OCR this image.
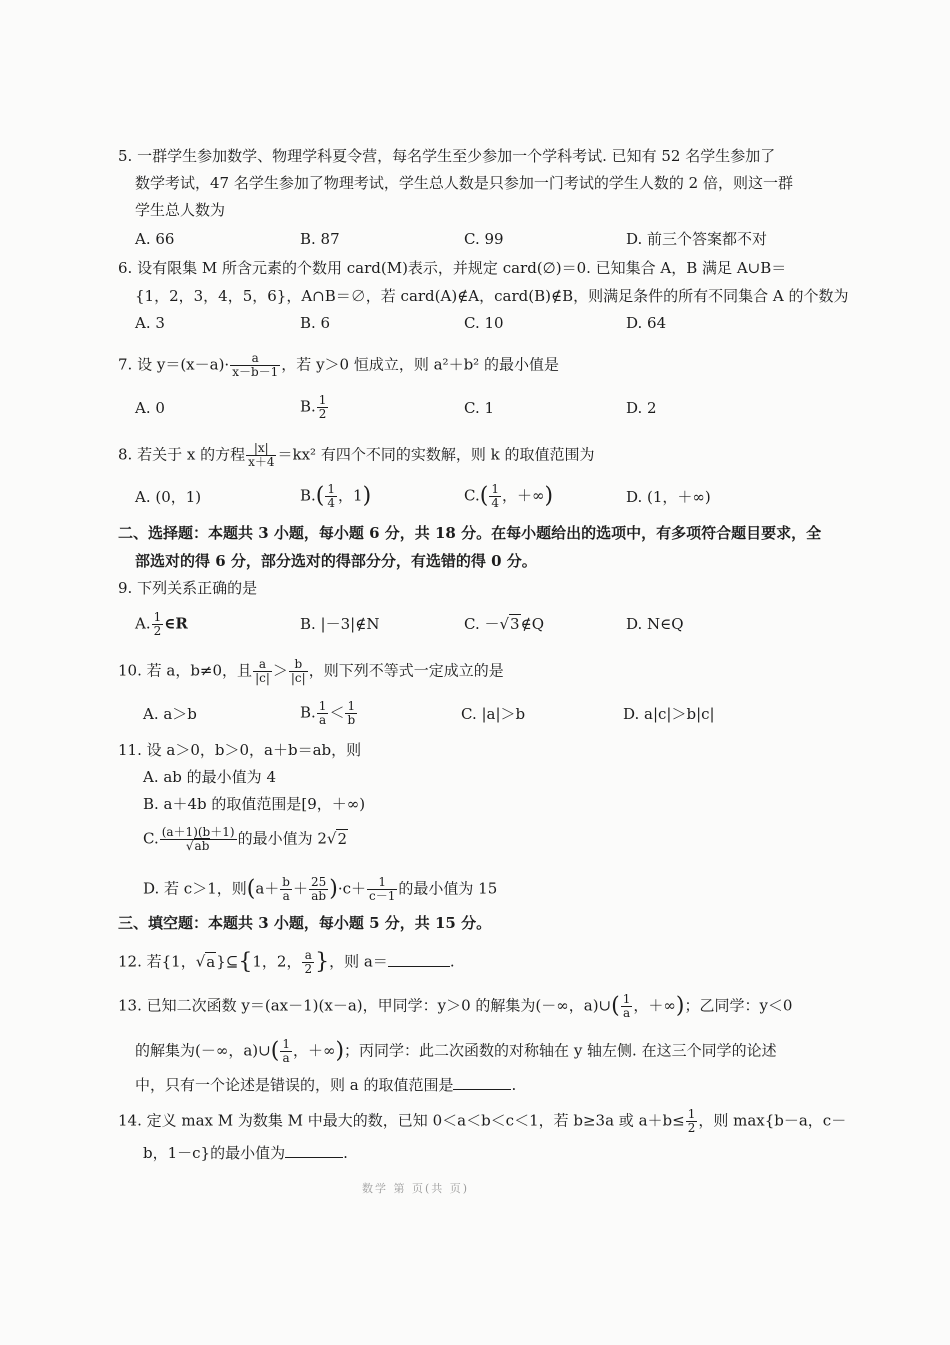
5. 一群学生参加数学、物理学科夏令营，每名学生至少参加一个学科考试. 已知有 52 名学生参加了
数学考试，47 名学生参加了物理考试，学生总人数是只参加一门考试的学生人数的 2 倍，则这一群
学生总人数为
A. 66	B. 87	C. 99	D. 前三个答案都不对
6. 设有限集 M 所含元素的个数用 card(M)表示，并规定 card(∅)＝0. 已知集合 A，B 满足 A∪B＝
{1，2，3，4，5，6}，A∩B＝∅，若 card(A)∉A，card(B)∉B，则满足条件的所有不同集合 A 的个数为
A. 3	B. 6	C. 10	D. 64
7. 设 $y=(x-a)\cdot \frac{a}{x-b-1}$ ，若 y＞0 恒成立，则 a²＋b² 的最小值是
A. 0	B. $\frac{1}{2}$	C. 1	D. 2
8. 若关于 x 的方程 $\frac{|x|}{x+4} =kx^2$ 有四个不同的实数解，则 k 的取值范围为
A. (0，1)	$B.( \frac{1}{4}$ ，1)	$C.( \frac{1}{4}$ ，＋∞)	D. (1，＋∞)
二、选择题：本题共 3 小题，每小题 6 分，共 18 分。在每小题给出的选项中，有多项符合题目要求，全
部选对的得 6 分，部分选对的得部分分，有选错的得 0 分。
9. 下列关系正确的是
A. $\frac{1}{2}$ ∈R	B. |－3|∉N	C. －√3∉Q	D. N∈Q
10. 若 a，b≠0，且 $\frac{a}{|c|} > \frac{b}{|c|}$ ，则下列不等式一定成立的是
A. a＞b	B. $\frac{1}{a} < \frac{1}{b}$	C. |a|＞b	D. a|c|＞b|c|
11. 设 a＞0，b＞0，a＋b＝ab，则
A. ab 的最小值为 4
B. a＋4b 的取值范围是[9，＋∞)
C. $\frac{(a+1)(b+1)}{√ab}$ 的最小值为 2√2
D. 若 c＞1，则$(a+ \frac{b}{a} + \frac{25}{ab} )\cdot c+ \frac{1}{c-1}$ 的最小值为 15
三、填空题：本题共 3 小题，每小题 5 分，共 15 分。
12. 若{1，√a}⊆{1，2， $\frac{a}{2}$ }，则 a＝	.
13. 已知二次函数 y＝(ax－1)(x－a)，甲同学：y＞0 的解集为(－∞，a)∪( $\frac{1}{a}$ ，＋∞)；乙同学：y＜0
的解集为(－∞，a)∪( $\frac{1}{a}$ ，＋∞)；丙同学：此二次函数的对称轴在 y 轴左侧. 在这三个同学的论述
中，只有一个论述是错误的，则 a 的取值范围是	.
14. 定义 max M 为数集 M 中最大的数，已知 0＜a＜b＜c＜1，若 b≥3a 或 $a+b\le \frac{1}{2}$ ，则 max{b－a，c－
b，1－c}的最小值为	.
数学 第 页(共 页)
